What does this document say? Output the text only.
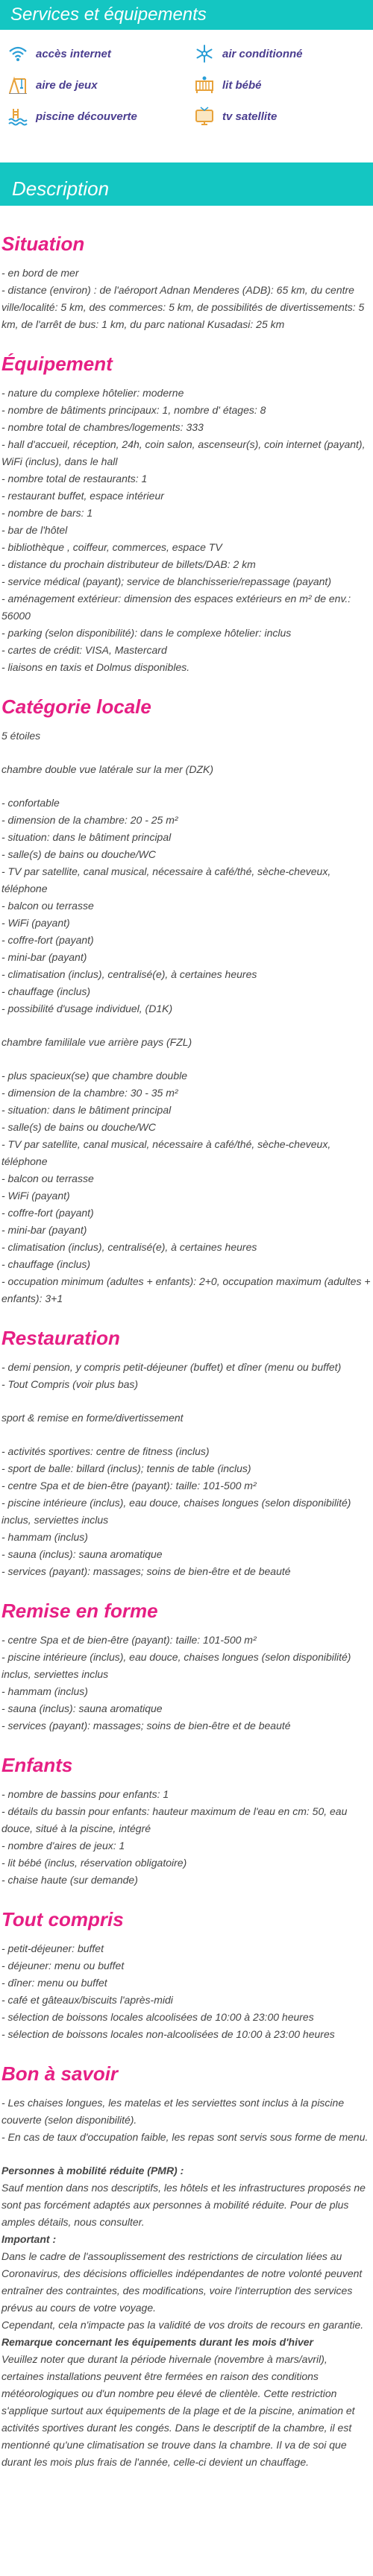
Services et équipements
accès internet	air conditionné
aire de jeux	lit bébé
piscine découverte	tv satellite
Description
Situation

- en bord de mer

- distance (environ) : de l'aéroport Adnan Menderes (ADB): 65 km, du centre ville/localité: 5 km, des commerces: 5 km, de possibilités de divertissements: 5 km, de l'arrêt de bus: 1 km, du parc national Kusadasi: 25 km

Équipement

- nature du complexe hôtelier: moderne

- nombre de bâtiments principaux: 1, nombre d' étages: 8

- nombre total de chambres/logements: 333

- hall d'accueil, réception, 24h, coin salon, ascenseur(s), coin internet (payant), WiFi (inclus), dans le hall

- nombre total de restaurants: 1

- restaurant buffet, espace intérieur

- nombre de bars: 1

- bar de l'hôtel

- bibliothèque , coiffeur, commerces, espace TV

- distance du prochain distributeur de billets/DAB: 2 km

- service médical (payant); service de blanchisserie/repassage (payant)

- aménagement extérieur: dimension des espaces extérieurs en m² de env.: 56000

- parking (selon disponibilité): dans le complexe hôtelier: inclus

- cartes de crédit: VISA, Mastercard

- liaisons en taxis et Dolmus disponibles.

Catégorie locale

5 étoiles

chambre double vue latérale sur la mer (DZK)

- confortable

- dimension de la chambre: 20 - 25 m²

- situation: dans le bâtiment principal

- salle(s) de bains ou douche/WC

- TV par satellite, canal musical, nécessaire à café/thé, sèche-cheveux, téléphone

- balcon ou terrasse

- WiFi (payant)

- coffre-fort (payant)

- mini-bar (payant)

- climatisation (inclus), centralisé(e), à certaines heures

- chauffage (inclus)

- possibilité d'usage individuel, (D1K)

chambre famililale vue arrière pays (FZL)

- plus spacieux(se) que chambre double

- dimension de la chambre: 30 - 35 m²

- situation: dans le bâtiment principal

- salle(s) de bains ou douche/WC

- TV par satellite, canal musical, nécessaire à café/thé, sèche-cheveux, téléphone

- balcon ou terrasse

- WiFi (payant)

- coffre-fort (payant)

- mini-bar (payant)

- climatisation (inclus), centralisé(e), à certaines heures

- chauffage (inclus)

- occupation minimum (adultes + enfants): 2+0, occupation maximum (adultes + enfants): 3+1

Restauration

- demi pension, y compris petit-déjeuner (buffet) et dîner (menu ou buffet)

- Tout Compris (voir plus bas)

sport & remise en forme/divertissement

- activités sportives: centre de fitness (inclus)

- sport de balle: billard (inclus); tennis de table (inclus)

- centre Spa et de bien-être (payant): taille: 101-500 m²

- piscine intérieure (inclus), eau douce, chaises longues (selon disponibilité) inclus, serviettes inclus

- hammam (inclus)

- sauna (inclus): sauna aromatique

- services (payant): massages; soins de bien-être et de beauté

Remise en forme

- centre Spa et de bien-être (payant): taille: 101-500 m²

- piscine intérieure (inclus), eau douce, chaises longues (selon disponibilité) inclus, serviettes inclus

- hammam (inclus)

- sauna (inclus): sauna aromatique

- services (payant): massages; soins de bien-être et de beauté

Enfants

- nombre de bassins pour enfants: 1

- détails du bassin pour enfants: hauteur maximum de l'eau en cm: 50, eau douce, situé à la piscine, intégré

- nombre d'aires de jeux: 1

- lit bébé (inclus, réservation obligatoire)

- chaise haute (sur demande)

Tout compris

- petit-déjeuner: buffet

- déjeuner: menu ou buffet

- dîner: menu ou buffet

- café et gâteaux/biscuits l'après-midi

- sélection de boissons locales alcoolisées de 10:00 à 23:00 heures

- sélection de boissons locales non-alcoolisées de 10:00 à 23:00 heures

Bon à savoir

- Les chaises longues, les matelas et les serviettes sont inclus à la piscine couverte (selon disponibilité).

- En cas de taux d'occupation faible, les repas sont servis sous forme de menu.

Personnes à mobilité réduite (PMR) :

Sauf mention dans nos descriptifs, les hôtels et les infrastructures proposés ne sont pas forcément adaptés aux personnes à mobilité réduite. Pour de plus amples détails, nous consulter.

Important :

Dans le cadre de l'assouplissement des restrictions de circulation liées au Coronavirus, des décisions officielles indépendantes de notre volonté peuvent entraîner des contraintes, des modifications, voire l'interruption des services prévus au cours de votre voyage.

Cependant, cela n'impacte pas la validité de vos droits de recours en garantie.

Remarque concernant les équipements durant les mois d'hiver

Veuillez noter que durant la période hivernale (novembre à mars/avril), certaines installations peuvent être fermées en raison des conditions météorologiques ou d'un nombre peu élevé de clientèle. Cette restriction s'applique surtout aux équipements de la plage et de la piscine, animation et activités sportives durant les congés. Dans le descriptif de la chambre, il est mentionné qu'une climatisation se trouve dans la chambre. Il va de soi que durant les mois plus frais de l'année, celle-ci devient un chauffage.
